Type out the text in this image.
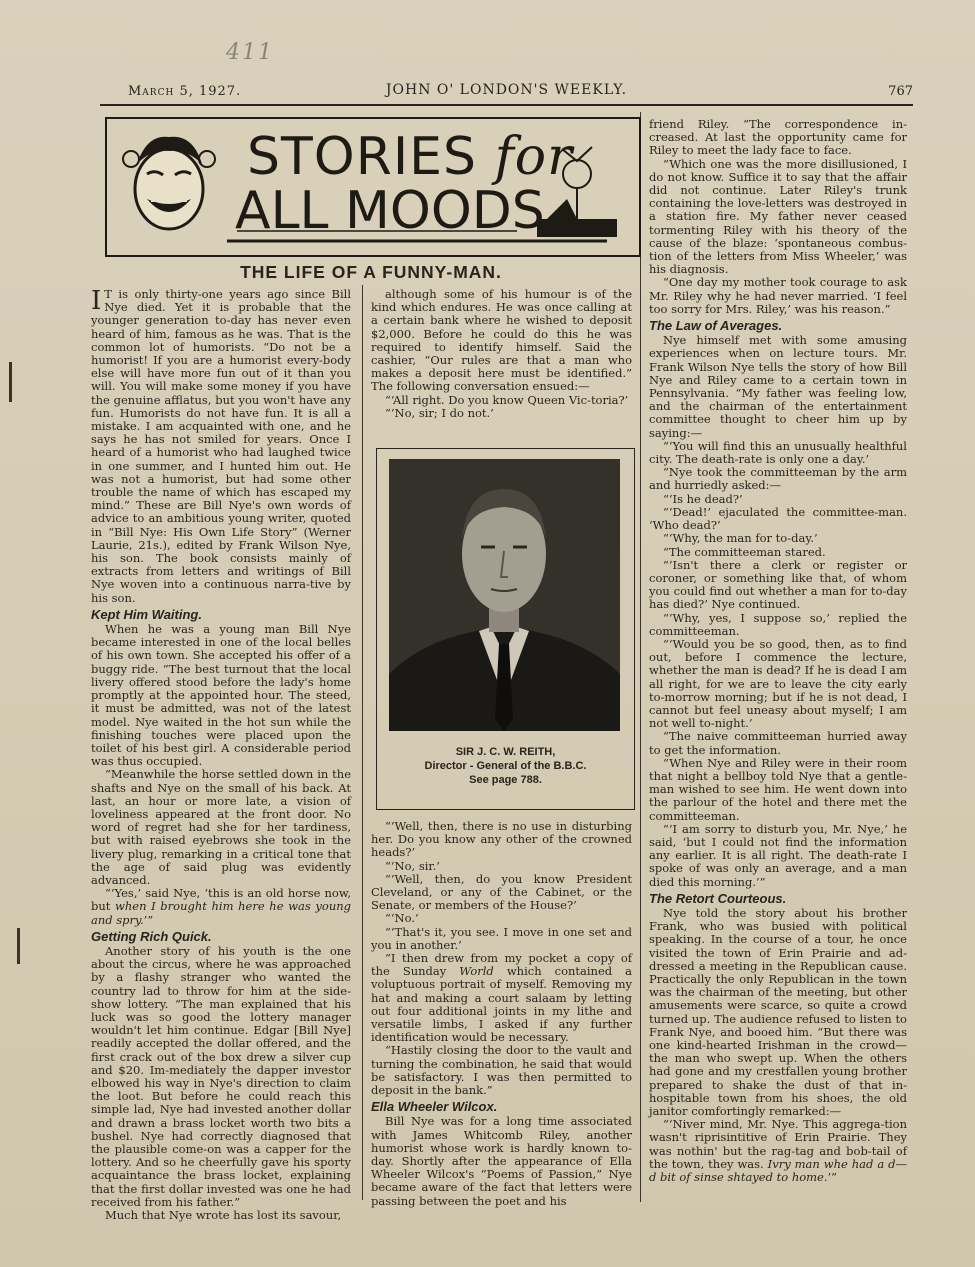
411
March 5, 1927.	JOHN O' LONDON'S WEEKLY.	767
STORIES for
ALL MOODS
THE LIFE OF A FUNNY-MAN.

I T is only thirty-one years ago since Bill Nye died. Yet it is probable that the younger generation to-day has never even heard of him, famous as he was. That is the common lot of humorists. “Do not be a humorist! If you are a humorist every-body else will have more fun out of it than you will. You will make some money if you have the genuine afflatus, but you won't have any fun. Humorists do not have fun. It is all a mistake. I am acquainted with one, and he says he has not smiled for years. Once I heard of a humorist who had laughed twice in one summer, and I hunted him out. He was not a humorist, but had some other trouble the name of which has escaped my mind.” These are Bill Nye's own words of advice to an ambitious young writer, quoted in “Bill Nye: His Own Life Story” (Werner Laurie, 21s.), edited by Frank Wilson Nye, his son. The book consists mainly of extracts from letters and writings of Bill Nye woven into a continuous narra-tive by his son.

Kept Him Waiting.

When he was a young man Bill Nye became interested in one of the local belles of his own town. She accepted his offer of a buggy ride. “The best turnout that the local livery offered stood before the lady's home promptly at the appointed hour. The steed, it must be admitted, was not of the latest model. Nye waited in the hot sun while the finishing touches were placed upon the toilet of his best girl. A considerable period was thus occupied.

“Meanwhile the horse settled down in the shafts and Nye on the small of his back. At last, an hour or more late, a vision of loveliness appeared at the front door. No word of regret had she for her tardiness, but with raised eyebrows she took in the livery plug, remarking in a critical tone that the age of said plug was evidently advanced.

“‘Yes,’ said Nye, ‘this is an old horse now, but when I brought him here he was young and spry.’”

Getting Rich Quick.

Another story of his youth is the one about the circus, where he was approached by a flashy stranger who wanted the country lad to throw for him at the side-show lottery. “The man explained that his luck was so good the lottery manager wouldn't let him continue. Edgar [Bill Nye] readily accepted the dollar offered, and the first crack out of the box drew a silver cup and $20. Im-mediately the dapper investor elbowed his way in Nye's direction to claim the loot. But before he could reach this simple lad, Nye had invested another dollar and drawn a brass locket worth two bits a bushel. Nye had correctly diagnosed that the plausible come-on was a capper for the lottery. And so he cheerfully gave his sporty acquaintance the brass locket, explaining that the first dollar invested was one he had received from his father.”

Much that Nye wrote has lost its savour,

although some of his humour is of the kind which endures. He was once calling at a certain bank where he wished to deposit $2,000. Before he could do this he was required to identify himself. Said the cashier, “Our rules are that a man who makes a deposit here must be identified.” The following conversation ensued:—

“‘All right. Do you know Queen Vic-toria?’

“‘No, sir; I do not.’

SIR J. C. W. REITH,
Director - General of the B.B.C.
See page 788.

“‘Well, then, there is no use in disturbing her. Do you know any other of the crowned heads?’

“‘No, sir.’

“‘Well, then, do you know President Cleveland, or any of the Cabinet, or the Senate, or members of the House?’

“‘No.’

“‘That's it, you see. I move in one set and you in another.’

“I then drew from my pocket a copy of the Sunday World which contained a voluptuous portrait of myself. Removing my hat and making a court salaam by letting out four additional joints in my lithe and versatile limbs, I asked if any further identification would be necessary.

“Hastily closing the door to the vault and turning the combination, he said that would be satisfactory. I was then permitted to deposit in the bank.”

Ella Wheeler Wilcox.

Bill Nye was for a long time associated with James Whitcomb Riley, another humorist whose work is hardly known to-day. Shortly after the appearance of Ella Wheeler Wilcox's “Poems of Passion,” Nye became aware of the fact that letters were passing between the poet and his

friend Riley. “The correspondence in-creased. At last the opportunity came for Riley to meet the lady face to face.

“Which one was the more disillusioned, I do not know. Suffice it to say that the affair did not continue. Later Riley's trunk containing the love-letters was destroyed in a station fire. My father never ceased tormenting Riley with his theory of the cause of the blaze: ‘spontaneous combus-tion of the letters from Miss Wheeler,’ was his diagnosis.

“One day my mother took courage to ask Mr. Riley why he had never married. ‘I feel too sorry for Mrs. Riley,’ was his reason.”

The Law of Averages.

Nye himself met with some amusing experiences when on lecture tours. Mr. Frank Wilson Nye tells the story of how Bill Nye and Riley came to a certain town in Pennsylvania. “My father was feeling low, and the chairman of the entertainment committee thought to cheer him up by saying:—

“‘You will find this an unusually healthful city. The death-rate is only one a day.’

“Nye took the committeeman by the arm and hurriedly asked:—

“‘Is he dead?’

“‘Dead!’ ejaculated the committee-man. ‘Who dead?’

“‘Why, the man for to-day.’

“The committeeman stared.

“‘Isn't there a clerk or register or coroner, or something like that, of whom you could find out whether a man for to-day has died?’ Nye continued.

“‘Why, yes, I suppose so,’ replied the committeeman.

“‘Would you be so good, then, as to find out, before I commence the lecture, whether the man is dead? If he is dead I am all right, for we are to leave the city early to-morrow morning; but if he is not dead, I cannot but feel uneasy about myself; I am not well to-night.’

“The naive committeeman hurried away to get the information.

“When Nye and Riley were in their room that night a bellboy told Nye that a gentle-man wished to see him. He went down into the parlour of the hotel and there met the committeeman.

“‘I am sorry to disturb you, Mr. Nye,’ he said, ‘but I could not find the information any earlier. It is all right. The death-rate I spoke of was only an average, and a man died this morning.’”

The Retort Courteous.

Nye told the story about his brother Frank, who was busied with political speaking. In the course of a tour, he once visited the town of Erin Prairie and ad-dressed a meeting in the Republican cause. Practically the only Republican in the town was the chairman of the meeting, but other amusements were scarce, so quite a crowd turned up. The audience refused to listen to Frank Nye, and booed him. “But there was one kind-hearted Irishman in the crowd—the man who swept up. When the others had gone and my crestfallen young brother prepared to shake the dust of that in-hospitable town from his shoes, the old janitor comfortingly remarked:—

“‘Niver mind, Mr. Nye. This aggrega-tion wasn't riprisintitive of Erin Prairie. They was nothin' but the rag-tag and bob-tail of the town, they was. Ivry man whe had a d—d bit of sinse shtayed to home.’”
